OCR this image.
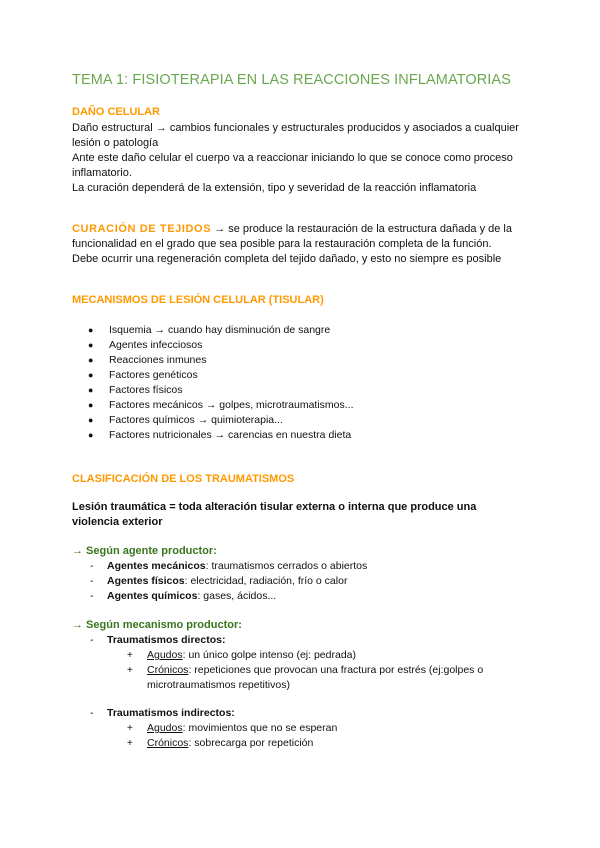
TEMA 1: FISIOTERAPIA EN LAS REACCIONES INFLAMATORIAS
DAÑO CELULAR
Daño estructural → cambios funcionales y estructurales producidos y asociados a cualquier
lesión o patología
Ante este daño celular el cuerpo va a reaccionar iniciando lo que se conoce como proceso
inflamatorio.
La curación dependerá de la extensión, tipo y severidad de la reacción inflamatoria
CURACIÓN DE TEJIDOS → se produce la restauración de la estructura dañada y de la
funcionalidad en el grado que sea posible para la restauración completa de la función.
Debe ocurrir una regeneración completa del tejido dañado, y esto no siempre es posible
MECANISMOS DE LESIÓN CELULAR (TISULAR)
●	Isquemia → cuando hay disminución de sangre
●	Agentes infecciosos
●	Reacciones inmunes
●	Factores genéticos
●	Factores físicos
●	Factores mecánicos → golpes, microtraumatismos...
●	Factores químicos → quimioterapia...
●	Factores nutricionales → carencias en nuestra dieta
CLASIFICACIÓN DE LOS TRAUMATISMOS
Lesión traumática = toda alteración tisular externa o interna que produce una
violencia exterior
→ Según agente productor:
-	Agentes mecánicos : traumatismos cerrados o abiertos
-	Agentes físicos : electricidad, radiación, frío o calor
-	Agentes químicos : gases, ácidos...
→ Según mecanismo productor:
-	Traumatismos directos:
+	Agudos : un único golpe intenso (ej: pedrada)
+	Crónicos : repeticiones que provocan una fractura por estrés (ej:golpes o
microtraumatismos repetitivos)
-	Traumatismos indirectos:
+	Agudos : movimientos que no se esperan
+	Crónicos : sobrecarga por repetición
